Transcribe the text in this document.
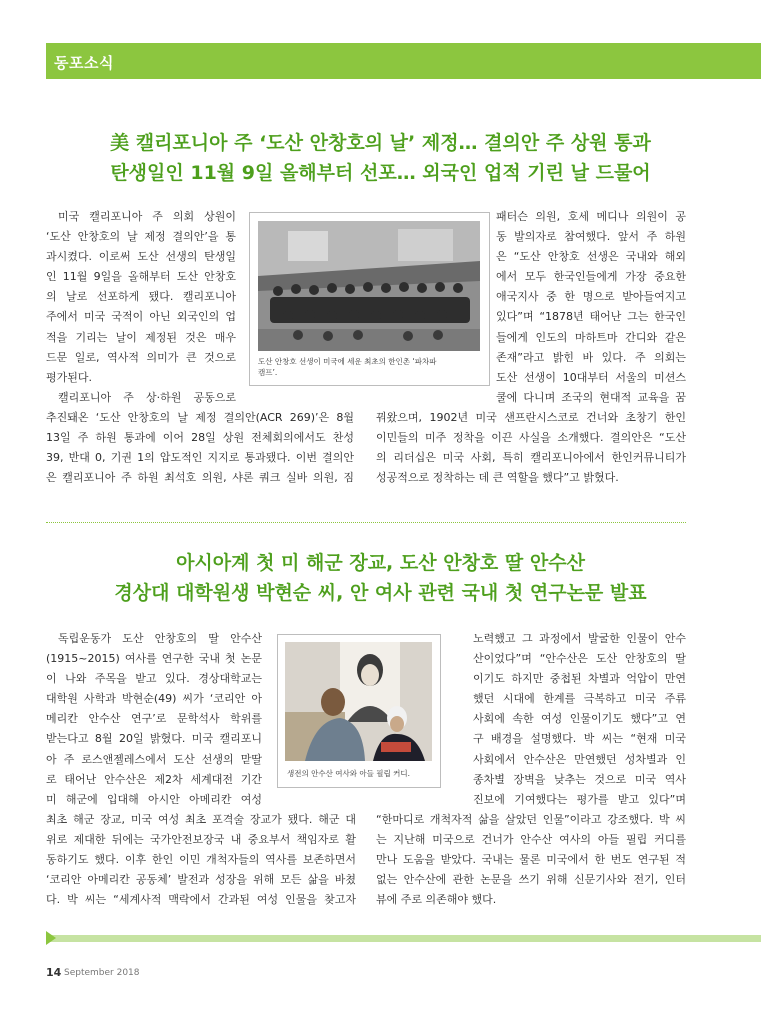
동포소식
美 캘리포니아 주 ‘도산 안창호의 날’ 제정… 결의안 주 상원 통과
탄생일인 11월 9일 올해부터 선포… 외국인 업적 기린 날 드물어
미국 캘리포니아 주 의회 상원이
‘도산 안창호의 날 제정 결의안’을 통
과시켰다. 이로써 도산 선생의 탄생일
인 11월 9일을 올해부터 도산 안창호
의 날로 선포하게 됐다. 캘리포니아
주에서 미국 국적이 아닌 외국인의 업
적을 기리는 날이 제정된 것은 매우
드문 일로, 역사적 의미가 큰 것으로
평가된다.
캘리포니아 주 상·하원 공동으로
추진돼온 ‘도산 안창호의 날 제정 결의안(ACR 269)’은 8월
13일 주 하원 통과에 이어 28일 상원 전체회의에서도 찬성
39, 반대 0, 기권 1의 압도적인 지지로 통과됐다. 이번 결의안
은 캘리포니아 주 하원 최석호 의원, 샤론 쿼크 실바 의원, 짐
도산 안창호 선생이 미국에 세운 최초의 한인촌 ‘파차파
캠프’.
패터슨 의원, 호세 메디나 의원이 공
동 발의자로 참여했다. 앞서 주 하원
은 “도산 안창호 선생은 국내와 해외
에서 모두 한국인들에게 가장 중요한
애국지사 중 한 명으로 받아들여지고
있다”며 “1878년 태어난 그는 한국인
들에게 인도의 마하트마 간디와 같은
존재”라고 밝힌 바 있다. 주 의회는
도산 선생이 10대부터 서울의 미션스
쿨에 다니며 조국의 현대적 교육을 꿈
꿔왔으며, 1902년 미국 샌프란시스코로 건너와 초창기 한인
이민들의 미주 정착을 이끈 사실을 소개했다. 결의안은 “도산
의 리더십은 미국 사회, 특히 캘리포니아에서 한인커뮤니티가
성공적으로 정착하는 데 큰 역할을 했다”고 밝혔다.
아시아계 첫 미 해군 장교, 도산 안창호 딸 안수산
경상대 대학원생 박현순 씨, 안 여사 관련 국내 첫 연구논문 발표
독립운동가 도산 안창호의 딸 안수산
(1915~2015) 여사를 연구한 국내 첫 논문
이 나와 주목을 받고 있다. 경상대학교는
대학원 사학과 박현순(49) 씨가 ‘코리안 아
메리칸 안수산 연구’로 문학석사 학위를
받는다고 8월 20일 밝혔다. 미국 캘리포니
아 주 로스앤젤레스에서 도산 선생의 맏딸
로 태어난 안수산은 제2차 세계대전 기간
미 해군에 입대해 아시안 아메리칸 여성
최초 해군 장교, 미국 여성 최초 포격술 장교가 됐다. 해군 대
위로 제대한 뒤에는 국가안전보장국 내 중요부서 책임자로 활
동하기도 했다. 이후 한인 이민 개척자들의 역사를 보존하면서
‘코리안 아메리칸 공동체’ 발전과 성장을 위해 모든 삶을 바쳤
다. 박 씨는 “세계사적 맥락에서 간과된 여성 인물을 찾고자
생전의 안수산 여사와 아들 필립 커디.
노력했고 그 과정에서 발굴한 인물이 안수
산이었다”며 “안수산은 도산 안창호의 딸
이기도 하지만 중첩된 차별과 억압이 만연
했던 시대에 한계를 극복하고 미국 주류
사회에 속한 여성 인물이기도 했다”고 연
구 배경을 설명했다. 박 씨는 “현재 미국
사회에서 안수산은 만연했던 성차별과 인
종차별 장벽을 낮추는 것으로 미국 역사
진보에 기여했다는 평가를 받고 있다”며
“한마디로 개척자적 삶을 살았던 인물”이라고 강조했다. 박 씨
는 지난해 미국으로 건너가 안수산 여사의 아들 필립 커디를
만나 도움을 받았다. 국내는 물론 미국에서 한 번도 연구된 적
없는 안수산에 관한 논문을 쓰기 위해 신문기사와 전기, 인터
뷰에 주로 의존해야 했다.
14 September 2018
